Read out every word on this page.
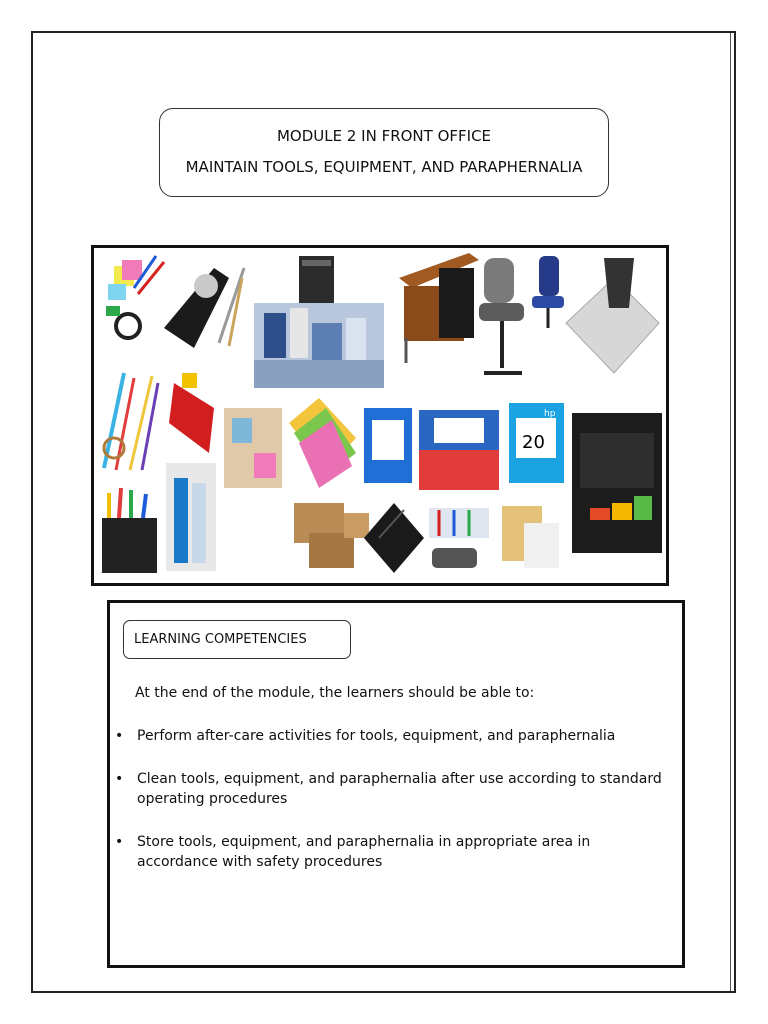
MODULE 2 IN FRONT OFFICE
MAINTAIN TOOLS, EQUIPMENT, AND PARAPHERNALIA
20
hp
LEARNING COMPETENCIES
At the end of the module, the learners should be able to:
• Perform after-care activities for tools, equipment, and paraphernalia
• Clean tools, equipment, and paraphernalia after use according to standard operating procedures
• Store tools, equipment, and paraphernalia in appropriate area in accordance with safety procedures
